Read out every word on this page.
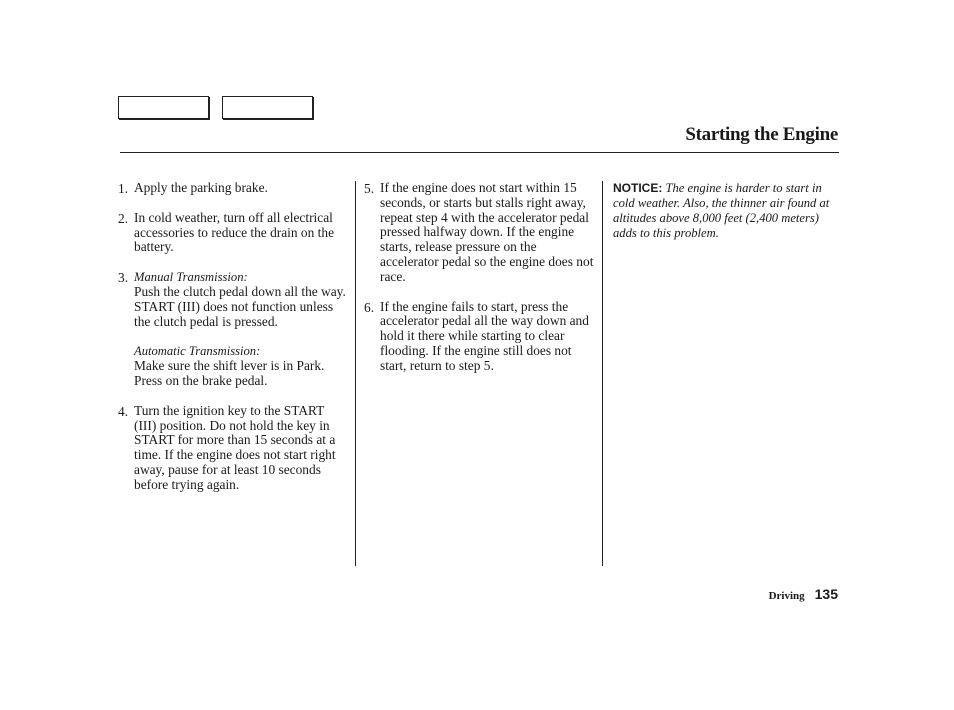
Starting the Engine
1. Apply the parking brake.
2. In cold weather, turn off all electrical accessories to reduce the drain on the battery.
3. Manual Transmission:
Push the clutch pedal down all the way. START (III) does not function unless the clutch pedal is pressed.
Automatic Transmission:
Make sure the shift lever is in Park. Press on the brake pedal.
4. Turn the ignition key to the START (III) position. Do not hold the key in START for more than 15 seconds at a time. If the engine does not start right away, pause for at least 10 seconds before trying again.
5. If the engine does not start within 15 seconds, or starts but stalls right away, repeat step 4 with the accelerator pedal pressed halfway down. If the engine starts, release pressure on the accelerator pedal so the engine does not race.
6. If the engine fails to start, press the accelerator pedal all the way down and hold it there while starting to clear flooding. If the engine still does not start, return to step 5.
NOTICE: The engine is harder to start in cold weather. Also, the thinner air found at altitudes above 8,000 feet (2,400 meters) adds to this problem.
Driving 135
